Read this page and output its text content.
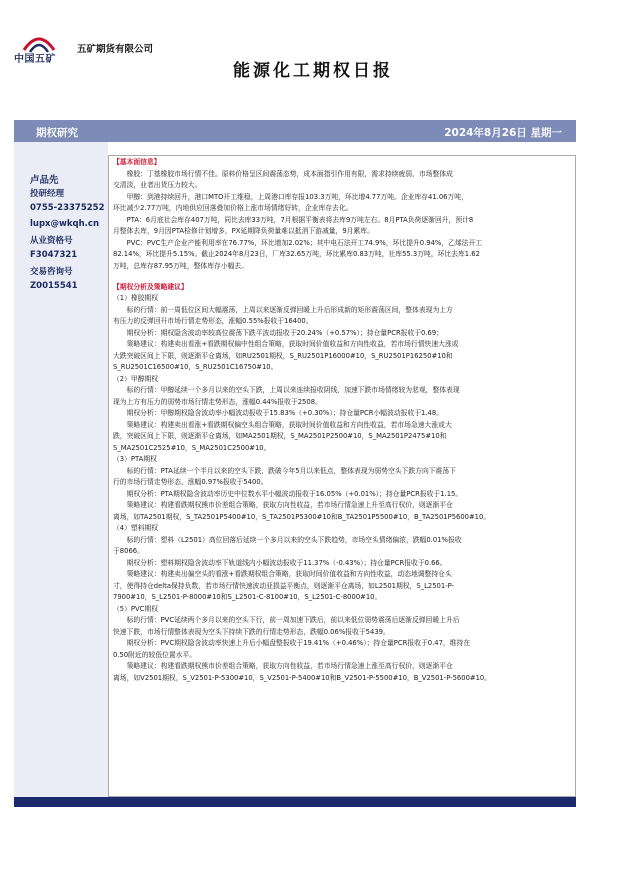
中国五矿
五矿期货有限公司
能源化工期权日报
期权研究	2024年8月26日 星期一
卢品先
投研经理
0755-23375252
lupx@wkqh.cn
从业资格号
F3047321
交易咨询号
Z0015541
【基本面信息】
　　橡胶：丁基橡胶市场行情不佳。原料价格呈区间震荡态势，成本面指引作用有限，需求持续疲弱，市场整体成
交清淡，业者出货压力较大。
　　甲醇：到港持续回升，港口MTO开工维稳，上周港口库存报103.3万吨，环比增4.77万吨。企业库存41.06万吨，
环比减少2.77万吨，内地供应回落叠加价格上涨市场情绪好转，企业库存去化。
　　PTA：6月底社会库存407万吨，同比去库33万吨，7月根据平衡表将去库9万吨左右。8月PTA负荷逐渐回升，预计8
月整体去库，9月因PTA检修计划增多，PX延期降负荷量难以抵消下游减量，9月累库。
　　PVC：PVC生产企业产能利用率在76.77%，环比增加2.02%；其中电石法开工74.9%，环比提升0.94%，乙烯法开工
82.14%，环比提升5.15%。截止2024年8月23日，厂库32.65万吨，环比累库0.83万吨，社库55.3万吨，环比去库1.62
万吨，总库存87.95万吨，整体库存小幅去。
【期权分析及策略建议】
（1）橡胶期权
　　标的行情：前一周低位区间大幅震荡，上周以来逐渐反弹回暖上升后形成新的矩形震荡区间，整体表现为上方
有压力的反弹回升市场行情走势形态，涨幅0.55%报收于16400。
　　期权分析：期权隐含波动率较高位震荡下跌平波动报收于20.24%（+0.57%）；持仓量PCR报收于0.69；
　　策略建议：构建卖出看涨+看跌期权偏中性组合策略，获取时间价值收益和方向性收益，若市场行情快速大涨或
大跌突破区间上下限，则逐渐平仓离场，如RU2501期权，S_RU2501P16000#10，S_RU2501P16250#10和
S_RU2501C16500#10，S_RU2501C16750#10。
（2）甲醇期权
　　标的行情：甲醇延续一个多月以来的空头下跌，上周以来连续报收阴线，加速下跌市场情绪较为悲观，整体表现
现为上方有压力的弱势市场行情走势形态，涨幅0.44%报收于2508。
　　期权分析：甲醇期权隐含波动率小幅波动报收于15.83%（+0.30%）；持仓量PCR小幅波动报收于1.48。
　　策略建议：构建卖出看涨+看跌期权偏空头组合策略，获取时间价值收益和方向性收益，若市场急速大涨或大
跌，突破区间上下限，则逐渐平仓离场，如MA2501期权，S_MA2501P2500#10，S_MA2501P2475#10和
S_MA2501C2525#10，S_MA2501C2500#10。
（3）PTA期权
　　标的行情：PTA延续一个半月以来的空头下跌，跌破今年5月以来低点，整体表现为弱势空头下跌方向下震荡下
行的市场行情走势形态，涨幅0.97%报收于5400。
　　期权分析：PTA期权隐含波动率历史中位数水平小幅波动报收于16.05%（+0.01%）；持仓量PCR报收于1.15。
　　策略建议：构建看跌期权熊市价差组合策略，获取方向性收益，若市场行情急速上升至高行权价，则逐渐平仓
离场，如TA2501期权，S_TA2501P5400#10，S_TA2501P5300#10和B_TA2501P5500#10，B_TA2501P5600#10。
（4）塑料期权
　　标的行情：塑料（L2501）高位回落后延续一个多月以来的空头下跌趋势，市场空头情绪偏浓，跌幅0.01%报收
于8066。
　　期权分析：塑料期权隐含波动率下轨道线内小幅波动报收于11.37%（-0.43%）；持仓量PCR报收于0.66。
　　策略建议：构建卖出偏空头的看涨+看跌期权组合策略，获取时间价值收益和方向性收益，动态地调整持仓头
寸，使得持仓delta保持负数，若市场行情快速波动亚损益平衡点，则逐渐平仓离场，如L2501期权，S_L2501-P-
7900#10，S_L2501-P-8000#10和S_L2501-C-8100#10，S_L2501-C-8000#10。
（5）PVC期权
　　标的行情：PVC延续两个多月以来的空头下行，前一周加速下跌后，前以来低位弱势震荡后逐渐反弹回暖上升后
快速下跌，市场行情整体表现为空头下持续下跌的行情走势形态，跌幅0.06%报收于5439。
　　期权分析：PVC期权隐含波动率快速上升后小幅盘整报收于19.41%（+0.46%）；持仓量PCR报收于0.47，维持在
0.50附近的较低位置水平。
　　策略建议：构建看跌期权熊市价差组合策略，获取方向性收益，若市场行情急速上涨至高行权价，则逐渐平仓
离场，如V2501期权，S_V2501-P-5300#10，S_V2501-P-5400#10和B_V2501-P-5500#10，B_V2501-P-5600#10。
